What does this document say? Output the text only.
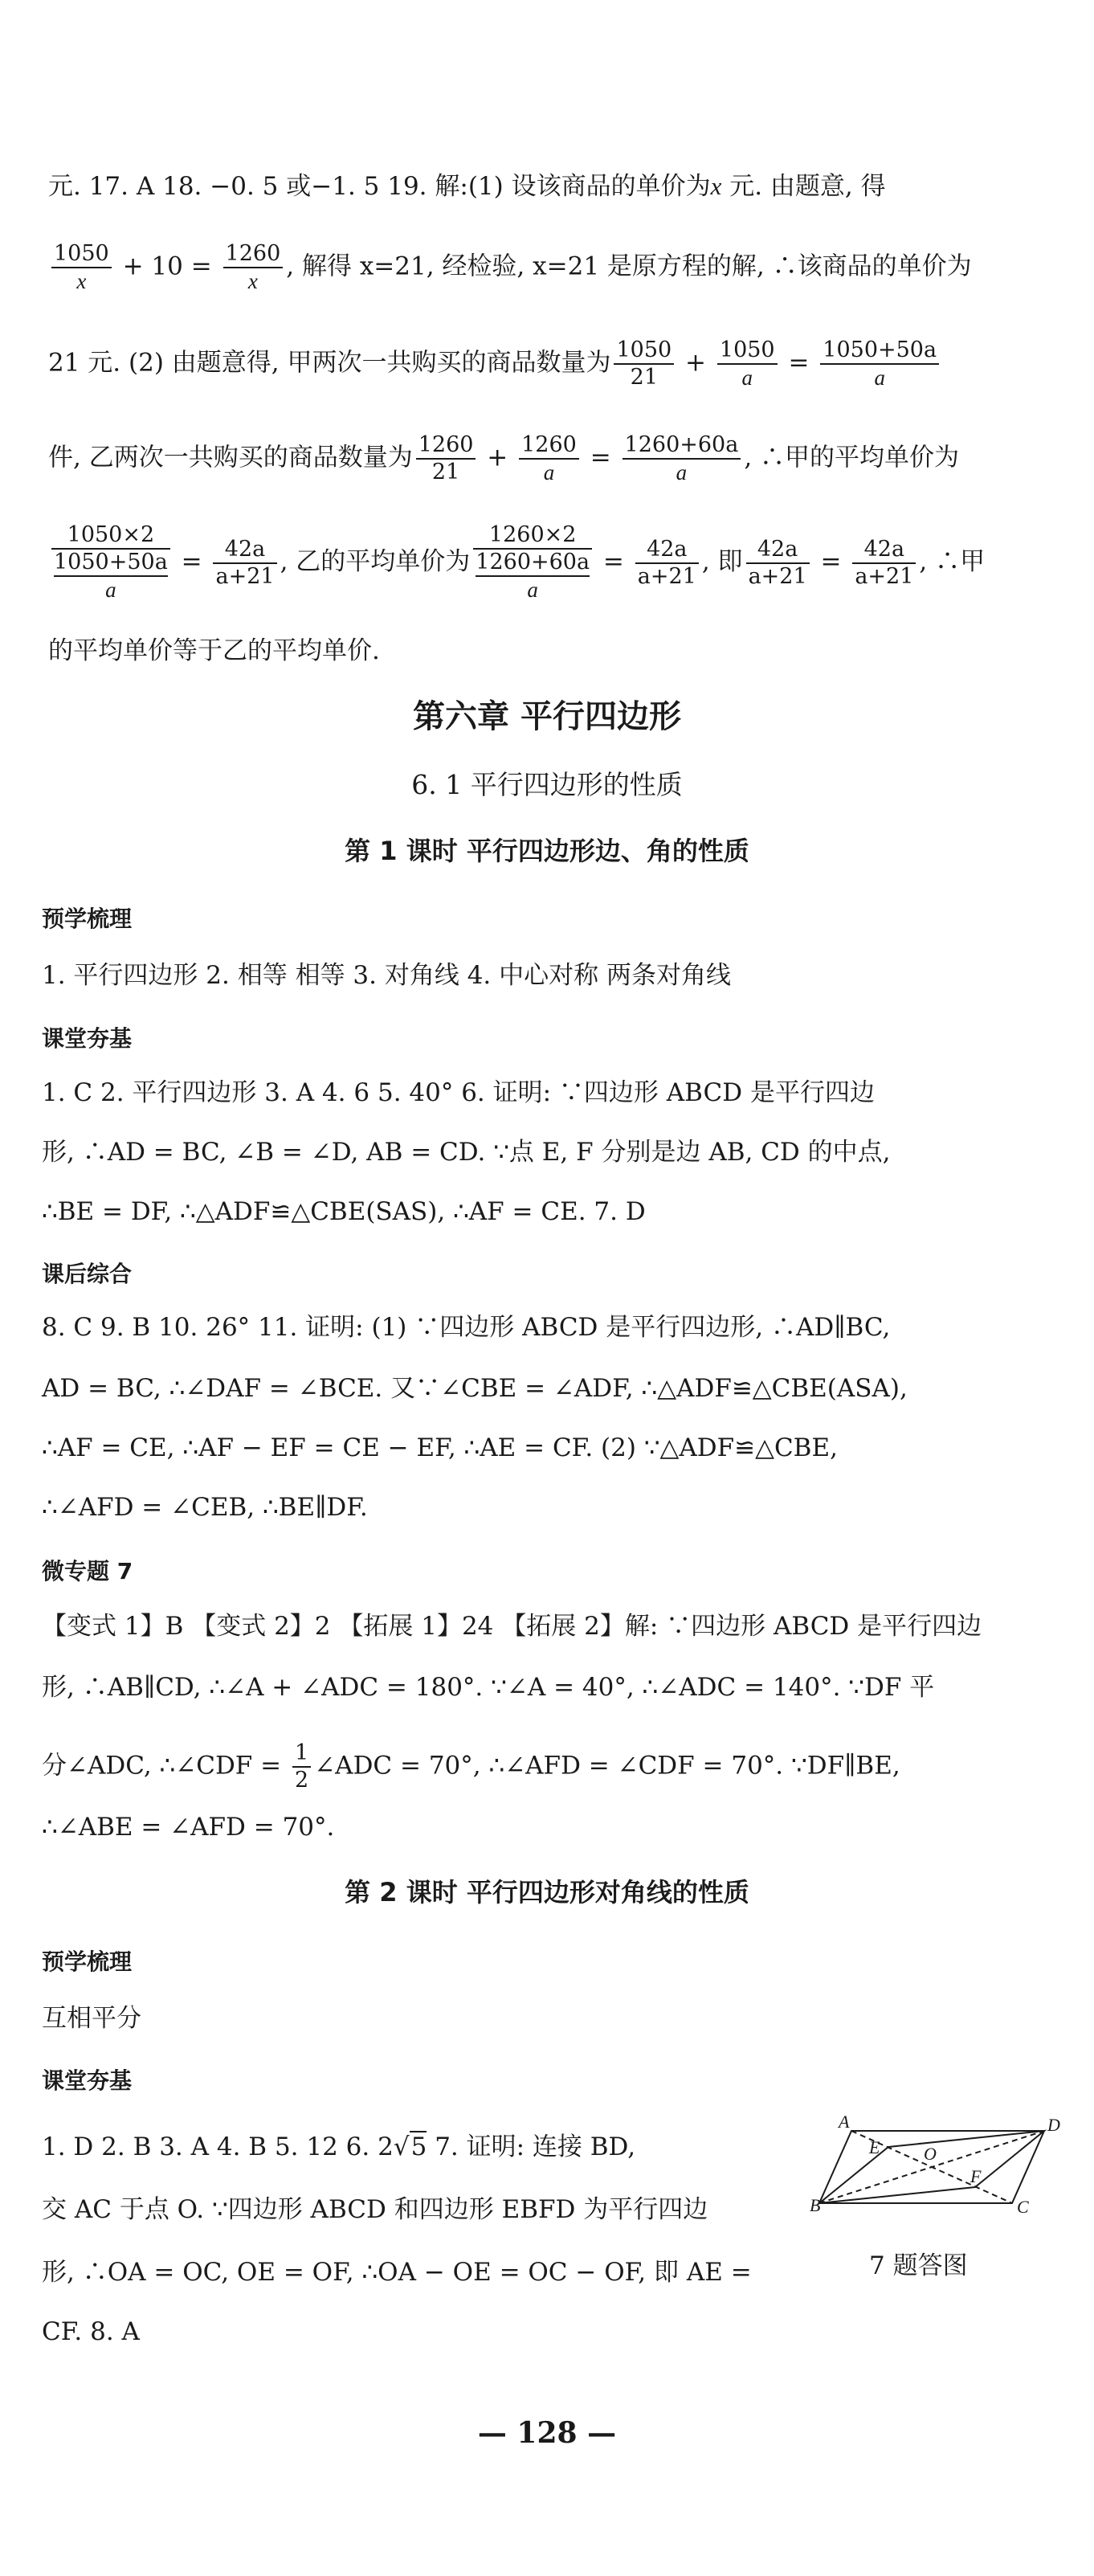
元. 17. A 18. −0. 5 或−1. 5 19. 解:(1) 设该商品的单价为x 元. 由题意, 得
$\frac{1050}{x} + 10 = \frac{1260}{x}$ , 解得 x=21, 经检验, x=21 是原方程的解, ∴该商品的单价为
21 元. (2) 由题意得, 甲两次一共购买的商品数量为 $\frac{1050}{21} + \frac{1050}{a} = \frac{1050+50a}{a}$
件, 乙两次一共购买的商品数量为 $\frac{1260}{21} + \frac{1260}{a} = \frac{1260+60a}{a}$ , ∴甲的平均单价为
1050×2
1050+50a
$a = \frac{42a}{a+21}$ , 乙的平均单价为 1260×2
1260+60a
$a = \frac{42a}{a+21}$ , 即 $\frac{42a}{a+21} = \frac{42a}{a+21}$ , ∴甲
的平均单价等于乙的平均单价.
第六章 平行四边形
6. 1 平行四边形的性质
第 1 课时 平行四边形边、角的性质
预学梳理
1. 平行四边形 2. 相等 相等 3. 对角线 4. 中心对称 两条对角线
课堂夯基
1. C 2. 平行四边形 3. A 4. 6 5. 40° 6. 证明: ∵四边形 ABCD 是平行四边
形, ∴AD = BC, ∠B = ∠D, AB = CD. ∵点 E, F 分别是边 AB, CD 的中点,
∴BE = DF, ∴△ADF≌△CBE(SAS), ∴AF = CE. 7. D
课后综合
8. C 9. B 10. 26° 11. 证明: (1) ∵四边形 ABCD 是平行四边形, ∴AD∥BC,
AD = BC, ∴∠DAF = ∠BCE. 又∵∠CBE = ∠ADF, ∴△ADF≌△CBE(ASA),
∴AF = CE, ∴AF − EF = CE − EF, ∴AE = CF. (2) ∵△ADF≌△CBE,
∴∠AFD = ∠CEB, ∴BE∥DF.
微专题 7
【变式 1】B 【变式 2】2 【拓展 1】24 【拓展 2】解: ∵四边形 ABCD 是平行四边
形, ∴AB∥CD, ∴∠A + ∠ADC = 180°. ∵∠A = 40°, ∴∠ADC = 140°. ∵DF 平
分∠ADC, ∴∠CDF = $\frac{1}{2}$ ∠ADC = 70°, ∴∠AFD = ∠CDF = 70°. ∵DF∥BE,
∴∠ABE = ∠AFD = 70°.
第 2 课时 平行四边形对角线的性质
预学梳理
互相平分
课堂夯基
1. D 2. B 3. A 4. B 5. 12 6. 2√5 7. 证明: 连接 BD,
交 AC 于点 O. ∵四边形 ABCD 和四边形 EBFD 为平行四边
形, ∴OA = OC, OE = OF, ∴OA − OE = OC − OF, 即 AE =
CF. 8. A
A	D
E O
F
B	C
7 题答图
— 128 —
